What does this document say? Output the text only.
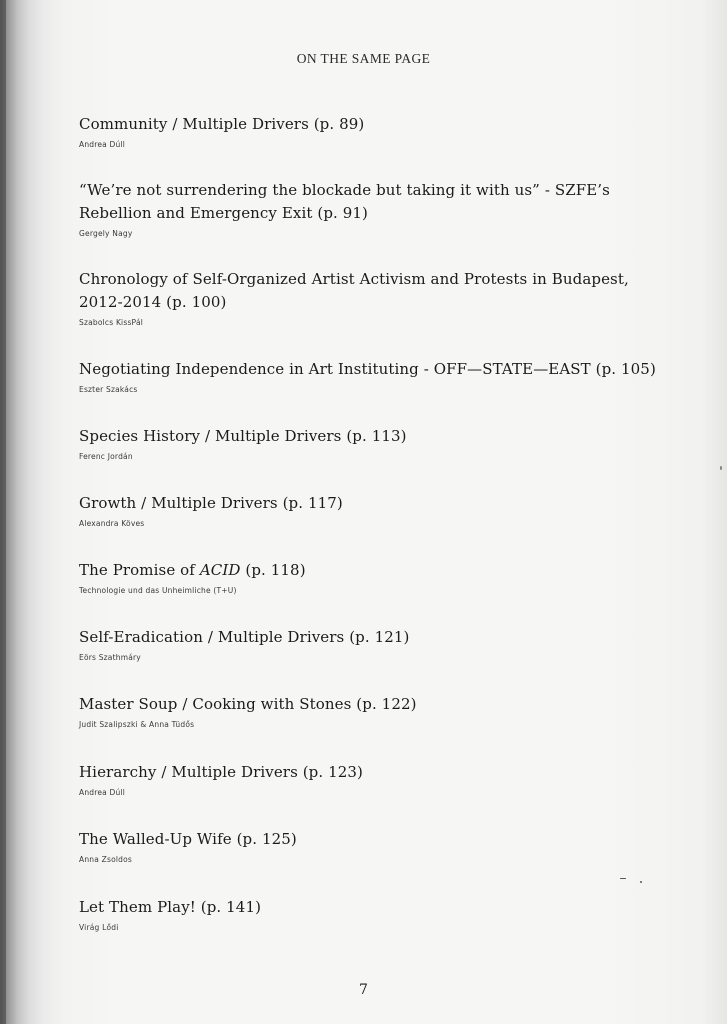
ON THE SAME PAGE
Community / Multiple Drivers (p. 89)
Andrea Dúll
“We’re not surrendering the blockade but taking it with us” - SZFE’s
Rebellion and Emergency Exit (p. 91)
Gergely Nagy
Chronology of Self-Organized Artist Activism and Protests in Budapest,
2012-2014 (p. 100)
Szabolcs KissPál
Negotiating Independence in Art Instituting - OFF—STATE—EAST (p. 105)
Eszter Szakács
Species History / Multiple Drivers (p. 113)
Ferenc Jordán
Growth / Multiple Drivers (p. 117)
Alexandra Köves
The Promise of ACID (p. 118)
Technologie und das Unheimliche (T+U)
Self-Eradication / Multiple Drivers (p. 121)
Eörs Szathmáry
Master Soup / Cooking with Stones (p. 122)
Judit Szalipszki & Anna Tüdős
Hierarchy / Multiple Drivers (p. 123)
Andrea Dúll
The Walled-Up Wife (p. 125)
Anna Zsoldos
Let Them Play! (p. 141)
Virág Lődi
7
